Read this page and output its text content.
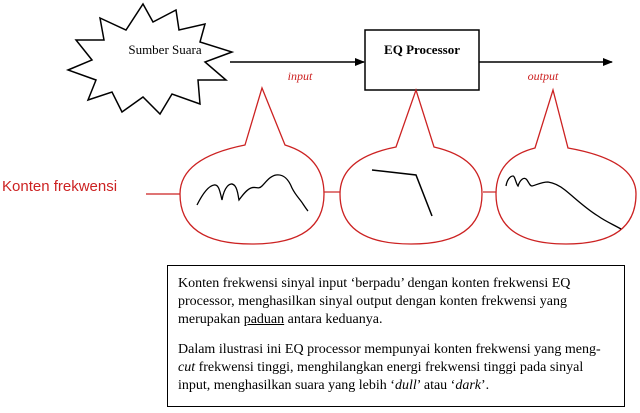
Sumber Suara
input
EQ Processor
output
Konten frekwensi

Konten frekwensi sinyal input ‘berpadu’ dengan konten frekwensi EQ processor, menghasilkan sinyal output dengan konten frekwensi yang merupakan paduan antara keduanya.

Dalam ilustrasi ini EQ processor mempunyai konten frekwensi yang meng-cut frekwensi tinggi, menghilangkan energi frekwensi tinggi pada sinyal input, menghasilkan suara yang lebih ‘dull’ atau ‘dark’.
